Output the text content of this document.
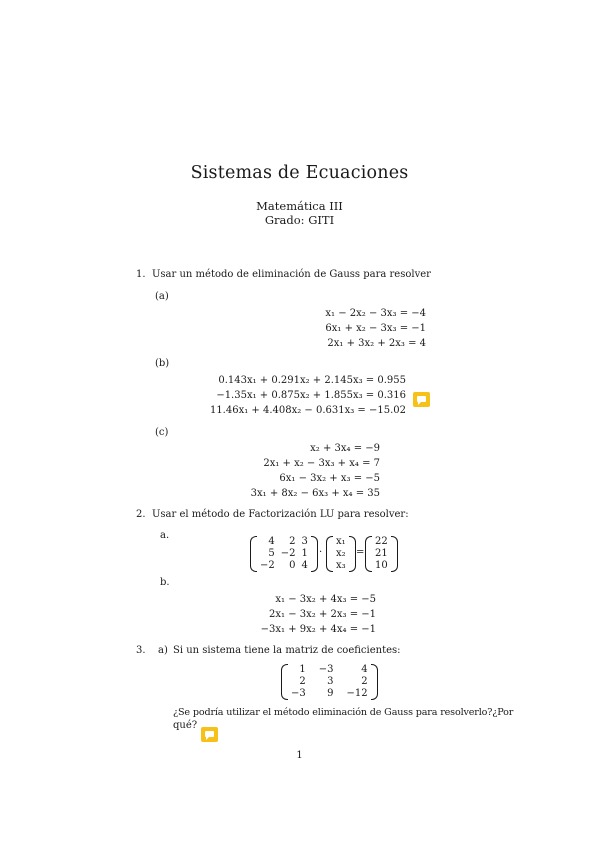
Sistemas de Ecuaciones
Matemática III
Grado: GITI
1. Usar un método de eliminación de Gauss para resolver
(a)
x₁ − 2x₂ − 3x₃ = −4
6x₁ + x₂ − 3x₃ = −1
2x₁ + 3x₂ + 2x₃ = 4
(b)
0.143x₁ + 0.291x₂ + 2.145x₃ = 0.955
−1.35x₁ + 0.875x₂ + 1.855x₃ = 0.316
11.46x₁ + 4.408x₂ − 0.631x₃ = −15.02
(c)
x₂ + 3x₄ = −9
2x₁ + x₂ − 3x₃ + x₄ = 7
6x₁ − 3x₂ + x₃ = −5
3x₁ + 8x₂ − 6x₃ + x₄ = 35
2. Usar el método de Factorización LU para resolver:
a.
4	2	3
5	−2	1
−2	0	4
·
x₁
x₂
x₃
=
22
21
10
b.
x₁ − 3x₂ + 4x₃ = −5
2x₁ − 3x₂ + 2x₃ = −1
−3x₁ + 9x₂ + 4x₄ = −1
3. a) Si un sistema tiene la matriz de coeficientes:
1	−3	4
2	3	2
−3	9	−12
¿Se podría utilizar el método eliminación de Gauss para resolverlo?¿Por
qué?
1
